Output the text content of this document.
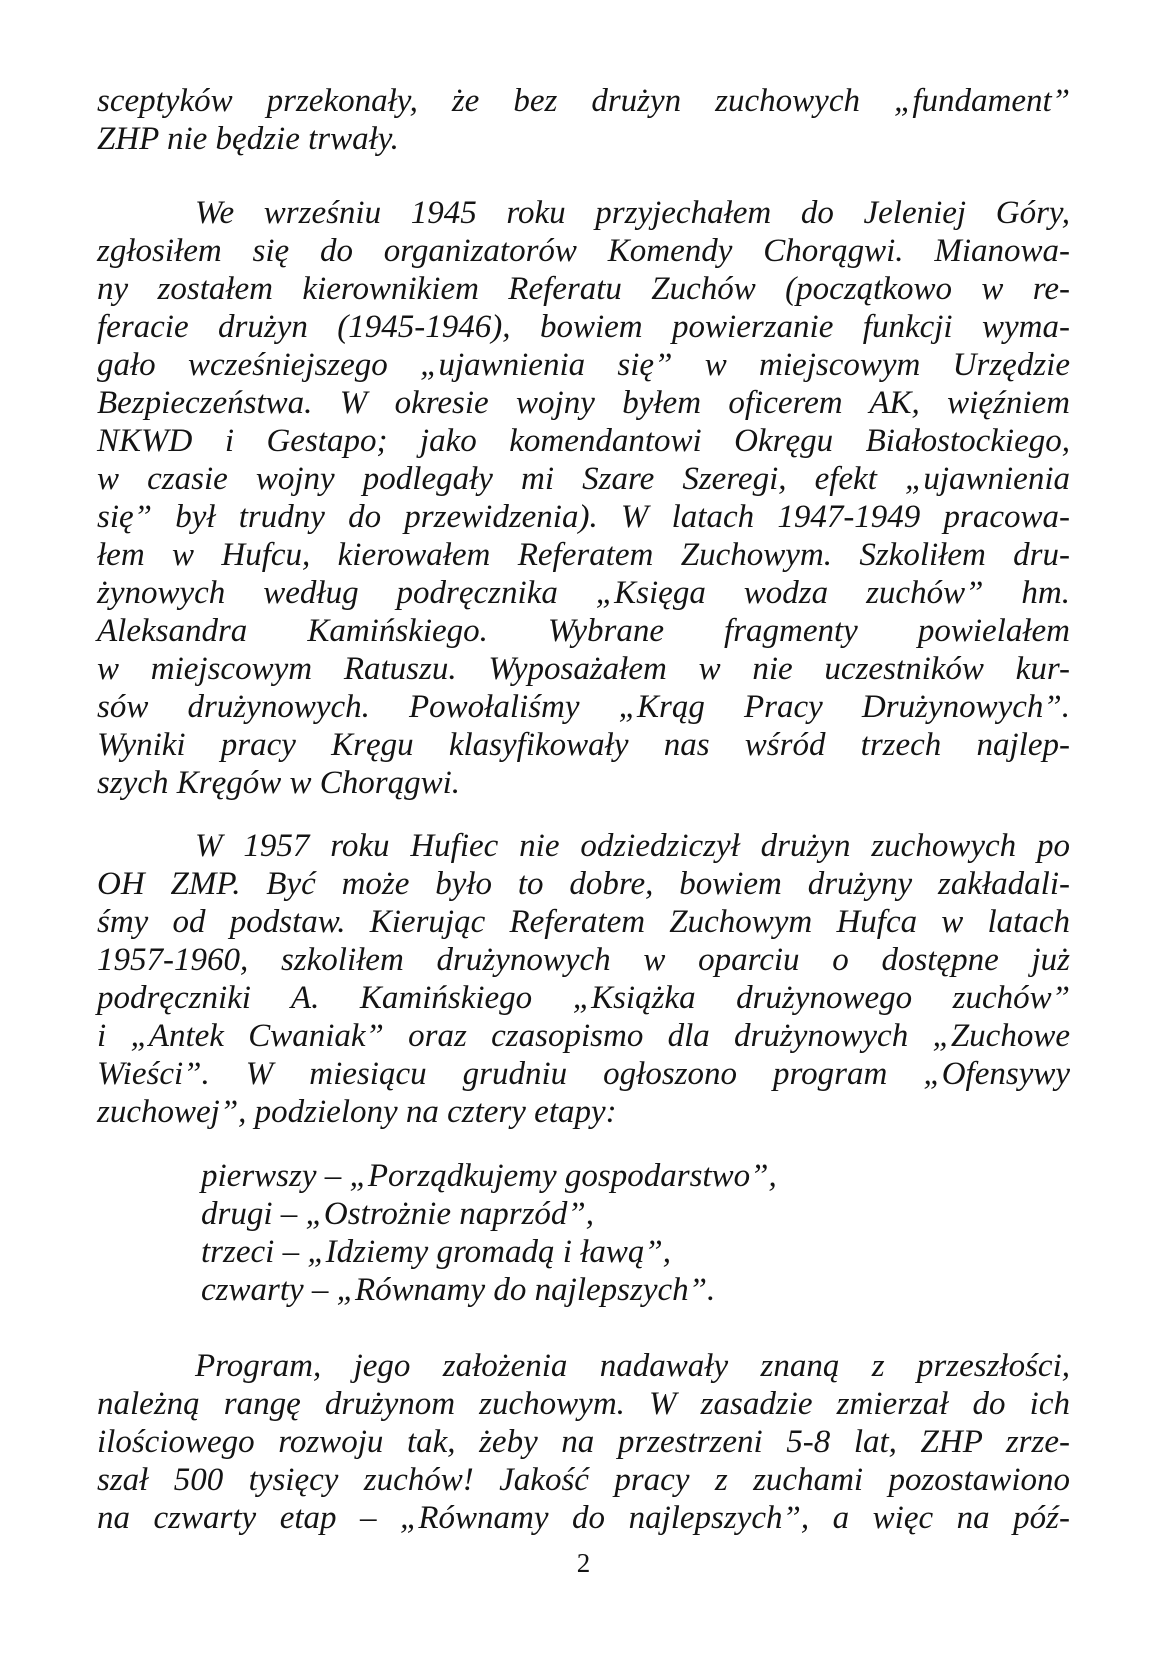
sceptyków przekonały, że bez drużyn zuchowych „fundament”
ZHP nie będzie trwały.
We wrześniu 1945 roku przyjechałem do Jeleniej Góry,
zgłosiłem się do organizatorów Komendy Chorągwi. Mianowa-
ny zostałem kierownikiem Referatu Zuchów (początkowo w re-
feracie drużyn (1945-1946), bowiem powierzanie funkcji wyma-
gało wcześniejszego „ujawnienia się” w miejscowym Urzędzie
Bezpieczeństwa. W okresie wojny byłem oficerem AK, więźniem
NKWD i Gestapo; jako komendantowi Okręgu Białostockiego,
w czasie wojny podlegały mi Szare Szeregi, efekt „ujawnienia
się” był trudny do przewidzenia). W latach 1947-1949 pracowa-
łem w Hufcu, kierowałem Referatem Zuchowym. Szkoliłem dru-
żynowych według podręcznika „Księga wodza zuchów” hm.
Aleksandra Kamińskiego. Wybrane fragmenty powielałem
w miejscowym Ratuszu. Wyposażałem w nie uczestników kur-
sów drużynowych. Powołaliśmy „Krąg Pracy Drużynowych”.
Wyniki pracy Kręgu klasyfikowały nas wśród trzech najlep-
szych Kręgów w Chorągwi.
W 1957 roku Hufiec nie odziedziczył drużyn zuchowych po
OH ZMP. Być może było to dobre, bowiem drużyny zakładali-
śmy od podstaw. Kierując Referatem Zuchowym Hufca w latach
1957-1960, szkoliłem drużynowych w oparciu o dostępne już
podręczniki A. Kamińskiego „Książka drużynowego zuchów”
i „Antek Cwaniak” oraz czasopismo dla drużynowych „Zuchowe
Wieści”. W miesiącu grudniu ogłoszono program „Ofensywy
zuchowej”, podzielony na cztery etapy:
pierwszy – „Porządkujemy gospodarstwo”,
drugi – „Ostrożnie naprzód”,
trzeci – „Idziemy gromadą i ławą”,
czwarty – „Równamy do najlepszych”.
Program, jego założenia nadawały znaną z przeszłości,
należną rangę drużynom zuchowym. W zasadzie zmierzał do ich
ilościowego rozwoju tak, żeby na przestrzeni 5-8 lat, ZHP zrze-
szał 500 tysięcy zuchów! Jakość pracy z zuchami pozostawiono
na czwarty etap – „Równamy do najlepszych”, a więc na póź-
2
